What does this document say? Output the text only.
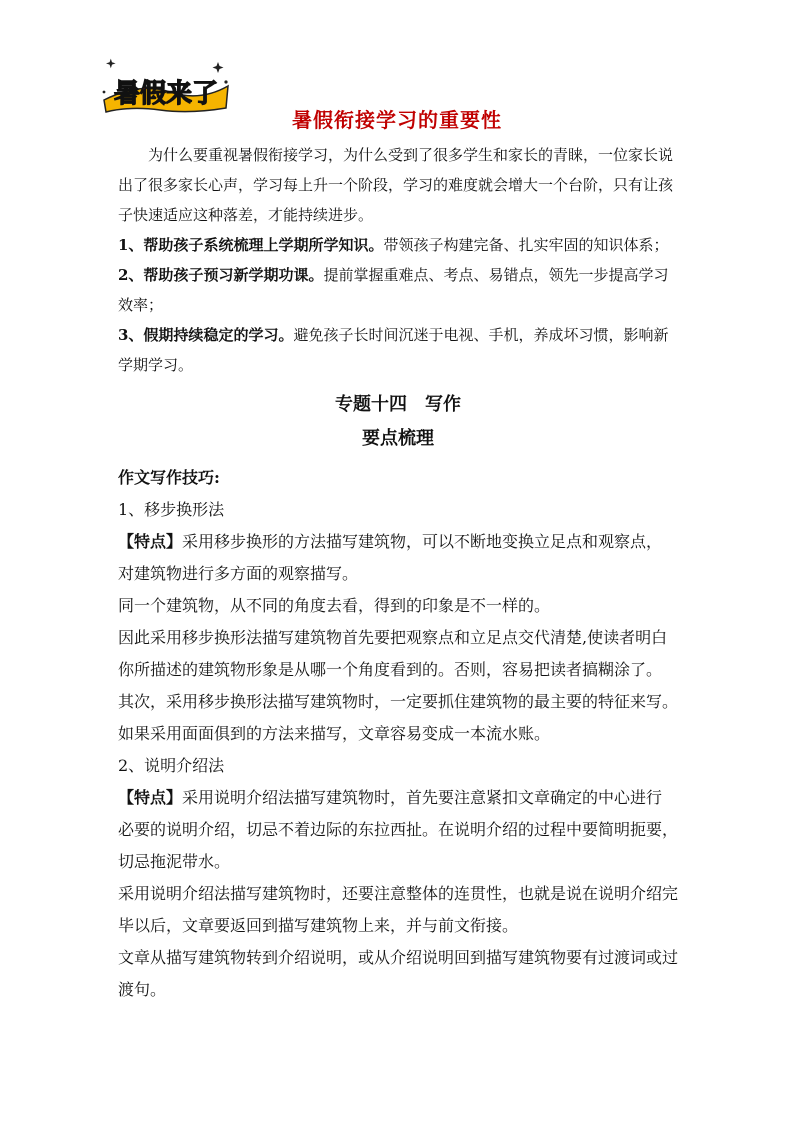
暑假来了
暑假衔接学习的重要性

为什么要重视暑假衔接学习，为什么受到了很多学生和家长的青睐，一位家长说出了很多家长心声，学习每上升一个阶段，学习的难度就会增大一个台阶，只有让孩子快速适应这种落差，才能持续进步。

1、帮助孩子系统梳理上学期所学知识。带领孩子构建完备、扎实牢固的知识体系；

2、帮助孩子预习新学期功课。提前掌握重难点、考点、易错点，领先一步提高学习效率；

3、假期持续稳定的学习。避免孩子长时间沉迷于电视、手机，养成坏习惯，影响新学期学习。

专题十四　写作
要点梳理

作文写作技巧:

1、移步换形法

【特点】采用移步换形的方法描写建筑物，可以不断地变换立足点和观察点，对建筑物进行多方面的观察描写。

同一个建筑物，从不同的角度去看，得到的印象是不一样的。

因此采用移步换形法描写建筑物首先要把观察点和立足点交代清楚,使读者明白你所描述的建筑物形象是从哪一个角度看到的。否则，容易把读者搞糊涂了。

其次，采用移步换形法描写建筑物时，一定要抓住建筑物的最主要的特征来写。如果采用面面俱到的方法来描写，文章容易变成一本流水账。

2、说明介绍法

【特点】采用说明介绍法描写建筑物时，首先要注意紧扣文章确定的中心进行必要的说明介绍，切忌不着边际的东拉西扯。在说明介绍的过程中要简明扼要，切忌拖泥带水。

采用说明介绍法描写建筑物时，还要注意整体的连贯性，也就是说在说明介绍完毕以后，文章要返回到描写建筑物上来，并与前文衔接。

文章从描写建筑物转到介绍说明，或从介绍说明回到描写建筑物要有过渡词或过渡句。
